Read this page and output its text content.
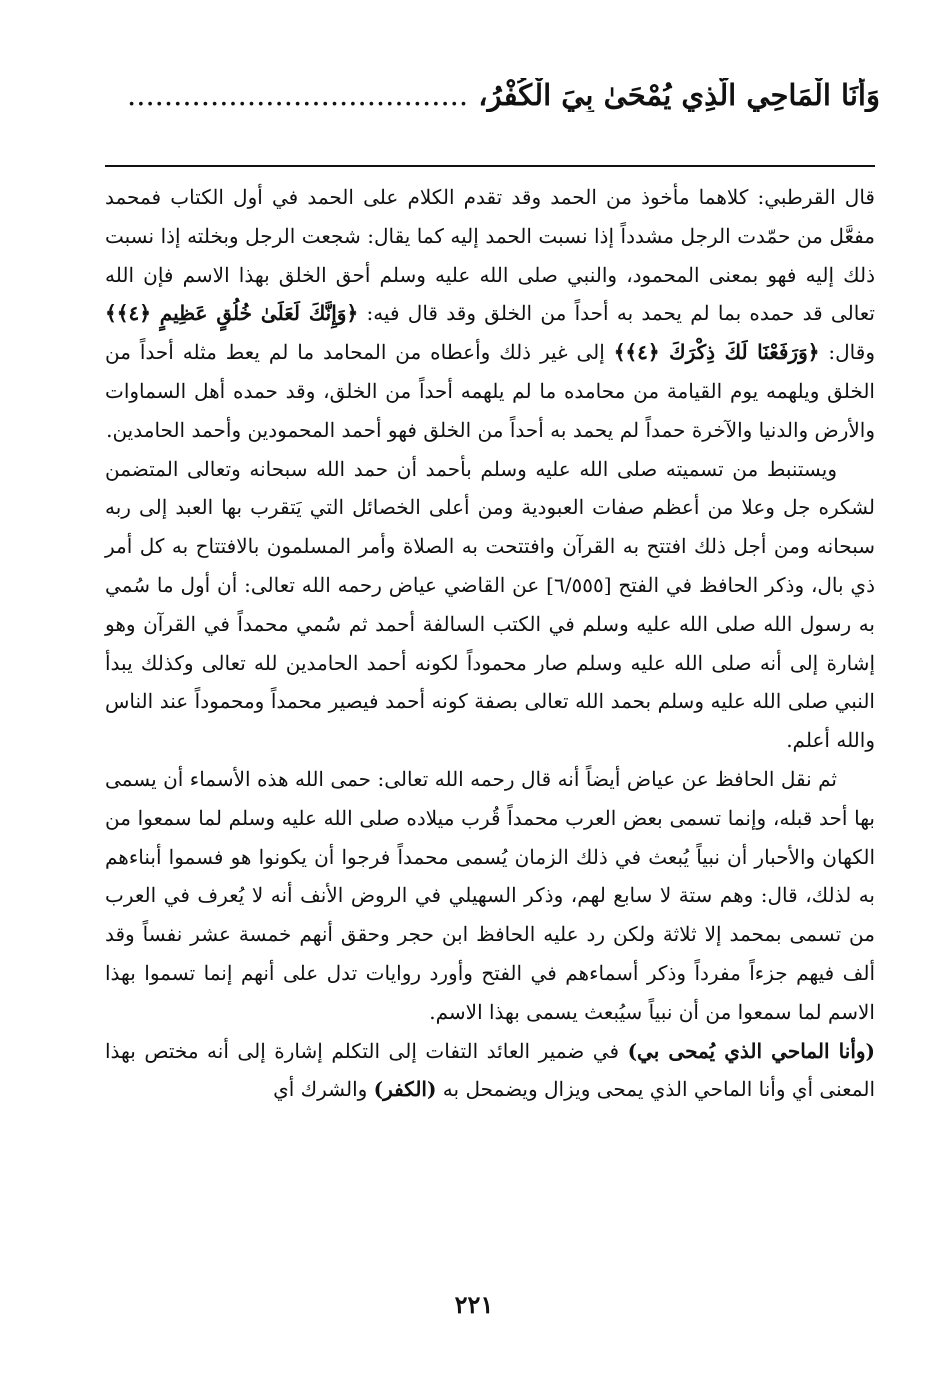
وَأَنَا الْمَاحِي الَّذِي يُمْحَىٰ بِيَ الْكُفْرُ، .....................................

قال القرطبي: كلاهما مأخوذ من الحمد وقد تقدم الكلام على الحمد في أول الكتاب فمحمد مفعَّل من حمّدت الرجل مشدداً إذا نسبت الحمد إليه كما يقال: شجعت الرجل وبخلته إذا نسبت ذلك إليه فهو بمعنى المحمود، والنبي صلى الله عليه وسلم أحق الخلق بهذا الاسم فإن الله تعالى قد حمده بما لم يحمد به أحداً من الخلق وقد قال فيه: ﴿وَإِنَّكَ لَعَلَىٰ خُلُقٍ عَظِيمٍ ﴿٤﴾﴾ وقال: ﴿وَرَفَعْنَا لَكَ ذِكْرَكَ ﴿٤﴾﴾ إلى غير ذلك وأعطاه من المحامد ما لم يعط مثله أحداً من الخلق ويلهمه يوم القيامة من محامده ما لم يلهمه أحداً من الخلق، وقد حمده أهل السماوات والأرض والدنيا والآخرة حمداً لم يحمد به أحداً من الخلق فهو أحمد المحمودين وأحمد الحامدين.

ويستنبط من تسميته صلى الله عليه وسلم بأحمد أن حمد الله سبحانه وتعالى المتضمن لشكره جل وعلا من أعظم صفات العبودية ومن أعلى الخصائل التي يَتقرب بها العبد إلى ربه سبحانه ومن أجل ذلك افتتح به القرآن وافتتحت به الصلاة وأمر المسلمون بالافتتاح به كل أمر ذي بال، وذكر الحافظ في الفتح [٦/٥٥٥] عن القاضي عياض رحمه الله تعالى: أن أول ما سُمي به رسول الله صلى الله عليه وسلم في الكتب السالفة أحمد ثم سُمي محمداً في القرآن وهو إشارة إلى أنه صلى الله عليه وسلم صار محموداً لكونه أحمد الحامدين لله تعالى وكذلك يبدأ النبي صلى الله عليه وسلم بحمد الله تعالى بصفة كونه أحمد فيصير محمداً ومحموداً عند الناس والله أعلم.

ثم نقل الحافظ عن عياض أيضاً أنه قال رحمه الله تعالى: حمى الله هذه الأسماء أن يسمى بها أحد قبله، وإنما تسمى بعض العرب محمداً قُرب ميلاده صلى الله عليه وسلم لما سمعوا من الكهان والأحبار أن نبياً يُبعث في ذلك الزمان يُسمى محمداً فرجوا أن يكونوا هو فسموا أبناءهم به لذلك، قال: وهم ستة لا سابع لهم، وذكر السهيلي في الروض الأنف أنه لا يُعرف في العرب من تسمى بمحمد إلا ثلاثة ولكن رد عليه الحافظ ابن حجر وحقق أنهم خمسة عشر نفساً وقد ألف فيهم جزءاً مفرداً وذكر أسماءهم في الفتح وأورد روايات تدل على أنهم إنما تسموا بهذا الاسم لما سمعوا من أن نبياً سيُبعث يسمى بهذا الاسم.

(وأنا الماحي الذي يُمحى بي) في ضمير العائد التفات إلى التكلم إشارة إلى أنه مختص بهذا المعنى أي وأنا الماحي الذي يمحى ويزال ويضمحل به (الكفر) والشرك أي

٢٢١
